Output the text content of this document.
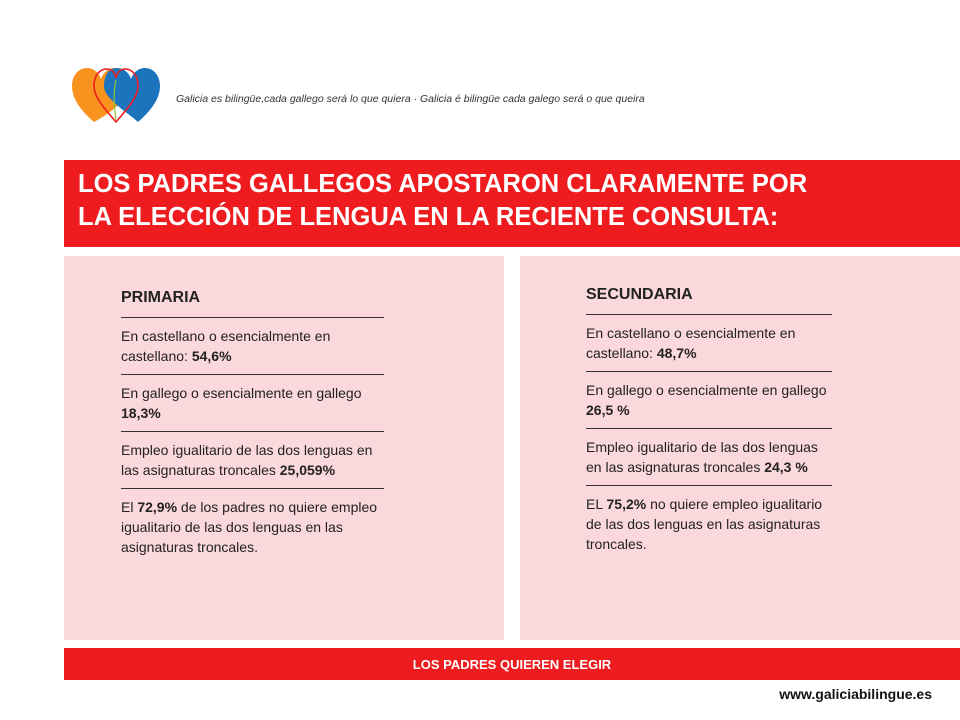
Galicia es bilingüe,cada gallego será lo que quiera · Galicia é bilingüe cada galego será o que queira
LOS PADRES GALLEGOS APOSTARON CLARAMENTE POR
LA ELECCIÓN DE LENGUA EN LA RECIENTE CONSULTA:
PRIMARIA
En castellano o esencialmente en castellano: 54,6%
En gallego o esencialmente en gallego 18,3%
Empleo igualitario de las dos lenguas en las asignaturas troncales 25,059%
El 72,9% de los padres no quiere empleo igualitario de las dos lenguas en las asignaturas troncales.
SECUNDARIA
En castellano o esencialmente en castellano: 48,7%
En gallego o esencialmente en gallego 26,5 %
Empleo igualitario de las dos lenguas en las asignaturas troncales 24,3 %
EL 75,2% no quiere empleo igualitario de las dos lenguas en las asignaturas troncales.
LOS PADRES QUIEREN ELEGIR
www.galiciabilingue.es
